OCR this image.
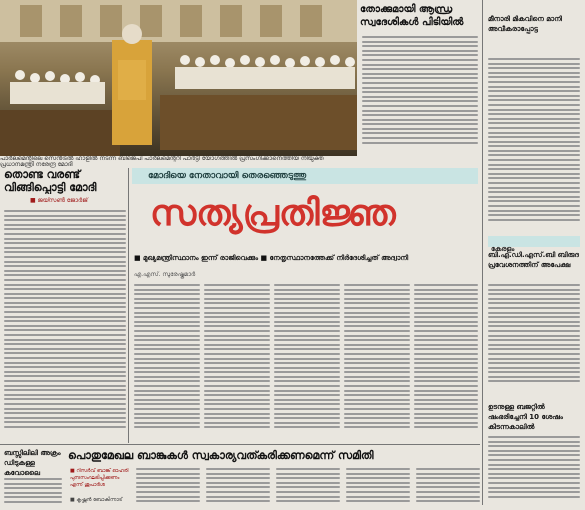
പാർലമെന്റിലെ സെൻട്രൽ ഹാളിൽ നടന്ന ബിജെപി പാർലമെന്ററി പാർട്ടി യോഗത്തിൽ പ്രസംഗിക്കാനെത്തിയ നിയുക്ത പ്രധാനമന്ത്രി നരേന്ദ്ര മോദി
തോക്കുമായി ആന്ധ്ര സ്വദേശികൾ പിടിയിൽ	മീനാരി മികവിനെ മാനി അവീകരാപ്പോട്ട
കേരളം
ബി.എ.ഡി.എസ്.ബി ബിരുദ പ്രവേശനത്തിന് അപേക്ഷ
ഉടനുള്ള ബജറ്റിൽ ഷംഭരിച്ചേനി 10 ശേഷം കിടന്നകാലിൽ
തൊണ്ട വരണ്ട് വിങ്ങിപ്പൊട്ടി മോദി
■ ജയ്സൺ ജോർജ്
മോദിയെ നേതാവായി തെരഞ്ഞെടുത്തു
സത്യപ്രതിജ്ഞ
■ മുഖ്യമന്ത്രിസ്ഥാനം ഇന്ന് രാജിവെക്കും ■ നേതൃസ്ഥാനത്തേക്ക് നിർദേശിച്ചത് അദ്വാനി
എ.എസ്. സുരേഷ്കുമാർ
ബസ്സിലിലി അക്രം ഡിടുകള്ള കവോലൈ
പൊതുമേഖല ബാങ്കുകൾ സ്വകാര്യവത്കരിക്കണമെന്ന് സമിതി
■ റിസര്‍വ് ബാങ്ക് ഓഹരി പുനഃസംഘടിപ്പിക്കണം എന്ന് ശുപാര്‍ശ
■ കൃഷ്ണൻ ബോകിന്നാട്
